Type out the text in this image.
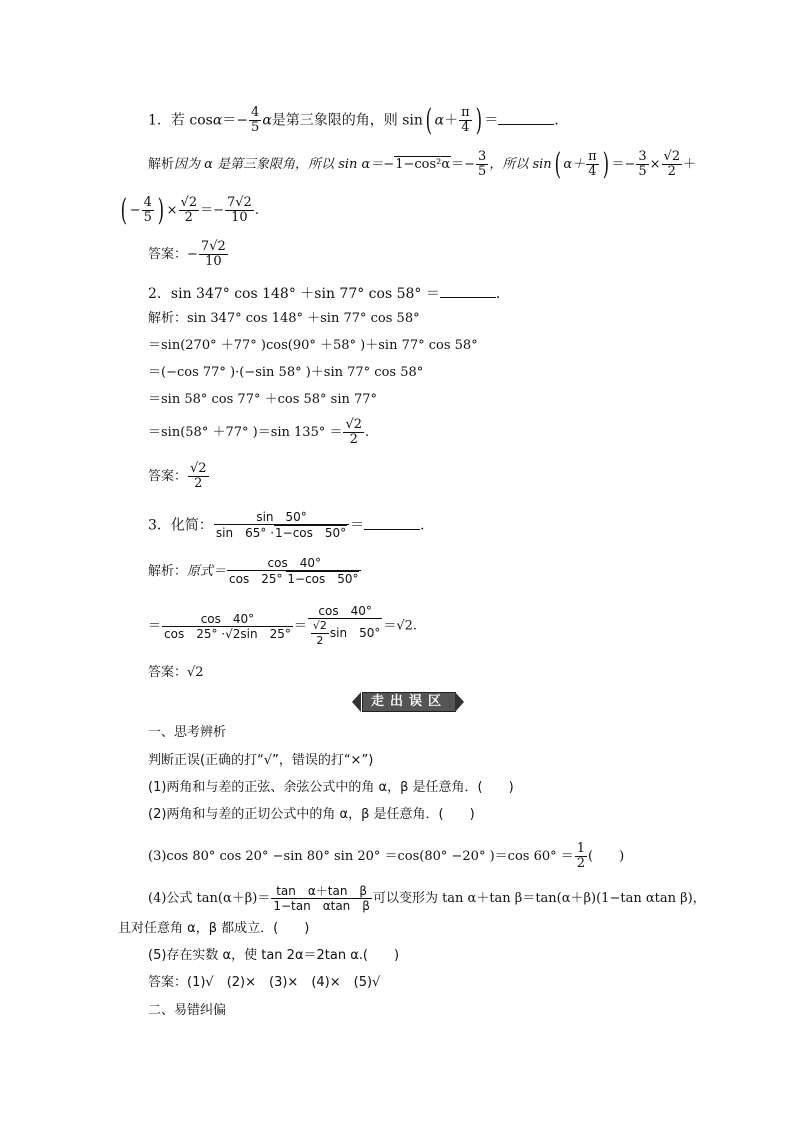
1．若 $\cos\alpha=- \frac{4}{5}$ α是第三象限的角，则 sin( $\alpha+ \frac{\pi}{4}$ ) ＝	．
解析因为 α 是第三象限角，所以 $\sin \alpha=-1-\cos^2\alpha=- \frac{3}{5}$ ，所以 sin( $\alpha+ \frac{\pi}{4}$ ) ＝− $\frac{3}{5} \times \frac{√2}{2}$ ＋
( − $\frac{4}{5}$ ) × $\frac{√2}{2} =- \frac{7√2}{10}$ .
答案：− $\frac{7√2}{10}$
2．sin 347° cos 148° ＋sin 77° cos 58° ＝	．
解析：sin 347° cos 148° ＋sin 77° cos 58°
＝sin(270° ＋77° )cos(90° ＋58° )＋sin 77° cos 58°
＝(−cos 77° )·(−sin 58° )＋sin 77° cos 58°
＝sin 58° cos 77° ＋cos 58° sin 77°
＝sin(58° ＋77° )＝sin $135^\circ = \frac{√2}{2}$ .
答案： $\frac{√2}{2}$
3．化简： $\frac{\sin 50^\circ}{\sin 65^\circ \cdot 1-\cos 50^\circ}$ ＝	．
解析：原式＝ $\frac{\cos 40^\circ}{\cos 25^\circ 1-\cos 50^\circ}$
＝ $\frac{\cos 40^\circ}{\cos 25^\circ \cdot√2\sin 25^\circ} = \frac{\cos 40^\circ}{\frac{√2}{2} \sin 50^\circ} =√2$.
答案：√2
走出误区
一、思考辨析
判断正误(正确的打“√”，错误的打“×”)
(1)两角和与差的正弦、余弦公式中的角 α，β 是任意角．(　　)
(2)两角和与差的正切公式中的角 α，β 是任意角．(　　)
(3)cos 80° cos 20° −sin 80° sin 20° ＝cos(80° −20° )＝cos $60^\circ = \frac{1}{2}$ (　　)
(4)公式 $\tan(\alpha+\beta)= \frac{\text{tan　α＋tan　β}}{\text{1−tan　αtan　β}}$ 可以变形为 tan α＋tan β＝tan(α＋β)(1−tan αtan β)，
且对任意角 α，β 都成立．(　　)
(5)存在实数 α，使 tan 2α＝2tan α.(　　)
答案：(1)√　(2)×　(3)×　(4)×　(5)√
二、易错纠偏
